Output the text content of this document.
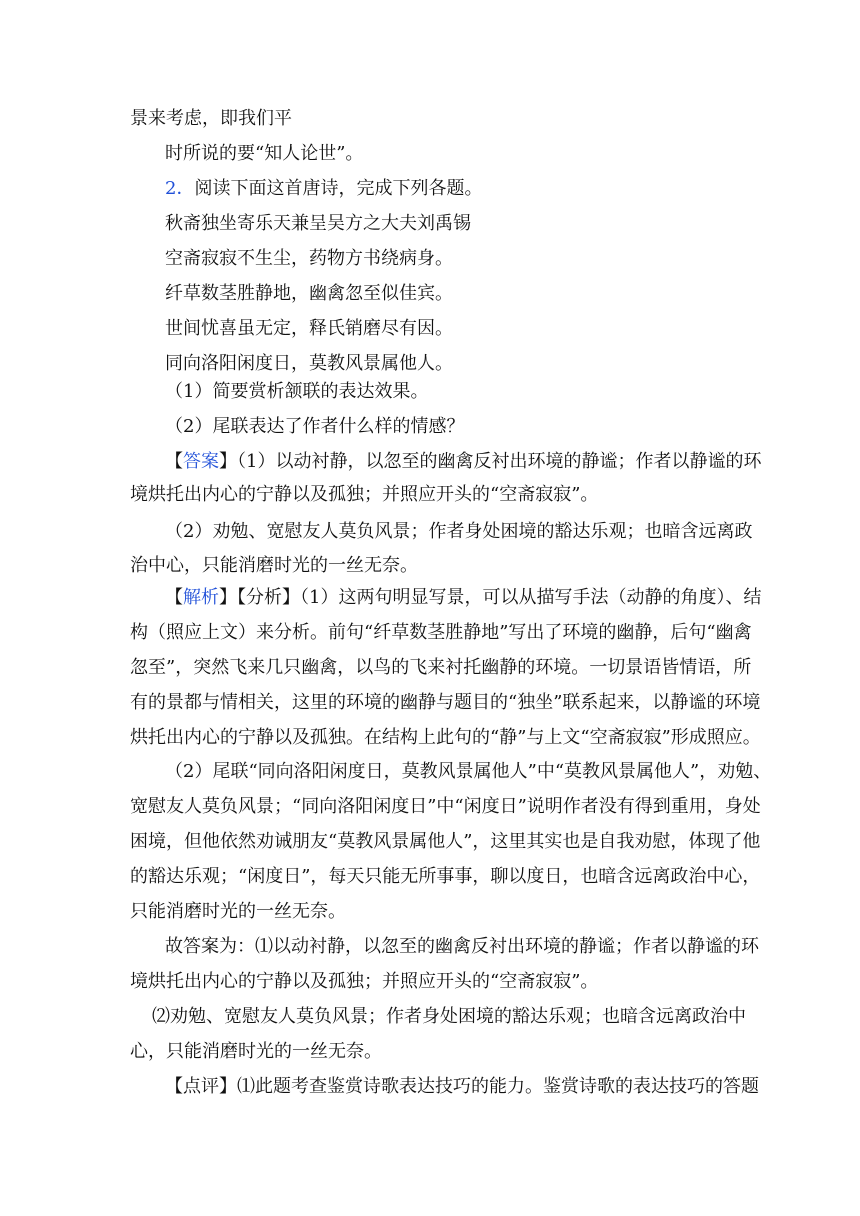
景来考虑，即我们平
时所说的要“知人论世”。
2．阅读下面这首唐诗，完成下列各题。
秋斋独坐寄乐天兼呈吴方之大夫刘禹锡
空斋寂寂不生尘，药物方书绕病身。
纤草数茎胜静地，幽禽忽至似佳宾。
世间忧喜虽无定，释氏销磨尽有因。
同向洛阳闲度日，莫教风景属他人。
（1）简要赏析颔联的表达效果。
（2）尾联表达了作者什么样的情感？
【答案】（1）以动衬静，以忽至的幽禽反衬出环境的静谧；作者以静谧的环
境烘托出内心的宁静以及孤独；并照应开头的“空斋寂寂”。
（2）劝勉、宽慰友人莫负风景；作者身处困境的豁达乐观；也暗含远离政
治中心，只能消磨时光的一丝无奈。
【解析】【分析】（1）这两句明显写景，可以从描写手法（动静的角度）、结
构（照应上文）来分析。前句“纤草数茎胜静地”写出了环境的幽静，后句“幽禽
忽至”，突然飞来几只幽禽，以鸟的飞来衬托幽静的环境。一切景语皆情语，所
有的景都与情相关，这里的环境的幽静与题目的“独坐”联系起来，以静谧的环境
烘托出内心的宁静以及孤独。在结构上此句的“静”与上文“空斋寂寂”形成照应。
（2）尾联“同向洛阳闲度日，莫教风景属他人”中“莫教风景属他人”，劝勉、
宽慰友人莫负风景；“同向洛阳闲度日”中“闲度日”说明作者没有得到重用，身处
困境，但他依然劝诫朋友“莫教风景属他人”，这里其实也是自我劝慰，体现了他
的豁达乐观；“闲度日”，每天只能无所事事，聊以度日，也暗含远离政治中心，
只能消磨时光的一丝无奈。
故答案为：⑴以动衬静，以忽至的幽禽反衬出环境的静谧；作者以静谧的环
境烘托出内心的宁静以及孤独；并照应开头的“空斋寂寂”。
⑵劝勉、宽慰友人莫负风景；作者身处困境的豁达乐观；也暗含远离政治中
心，只能消磨时光的一丝无奈。
【点评】⑴此题考查鉴赏诗歌表达技巧的能力。鉴赏诗歌的表达技巧的答题
